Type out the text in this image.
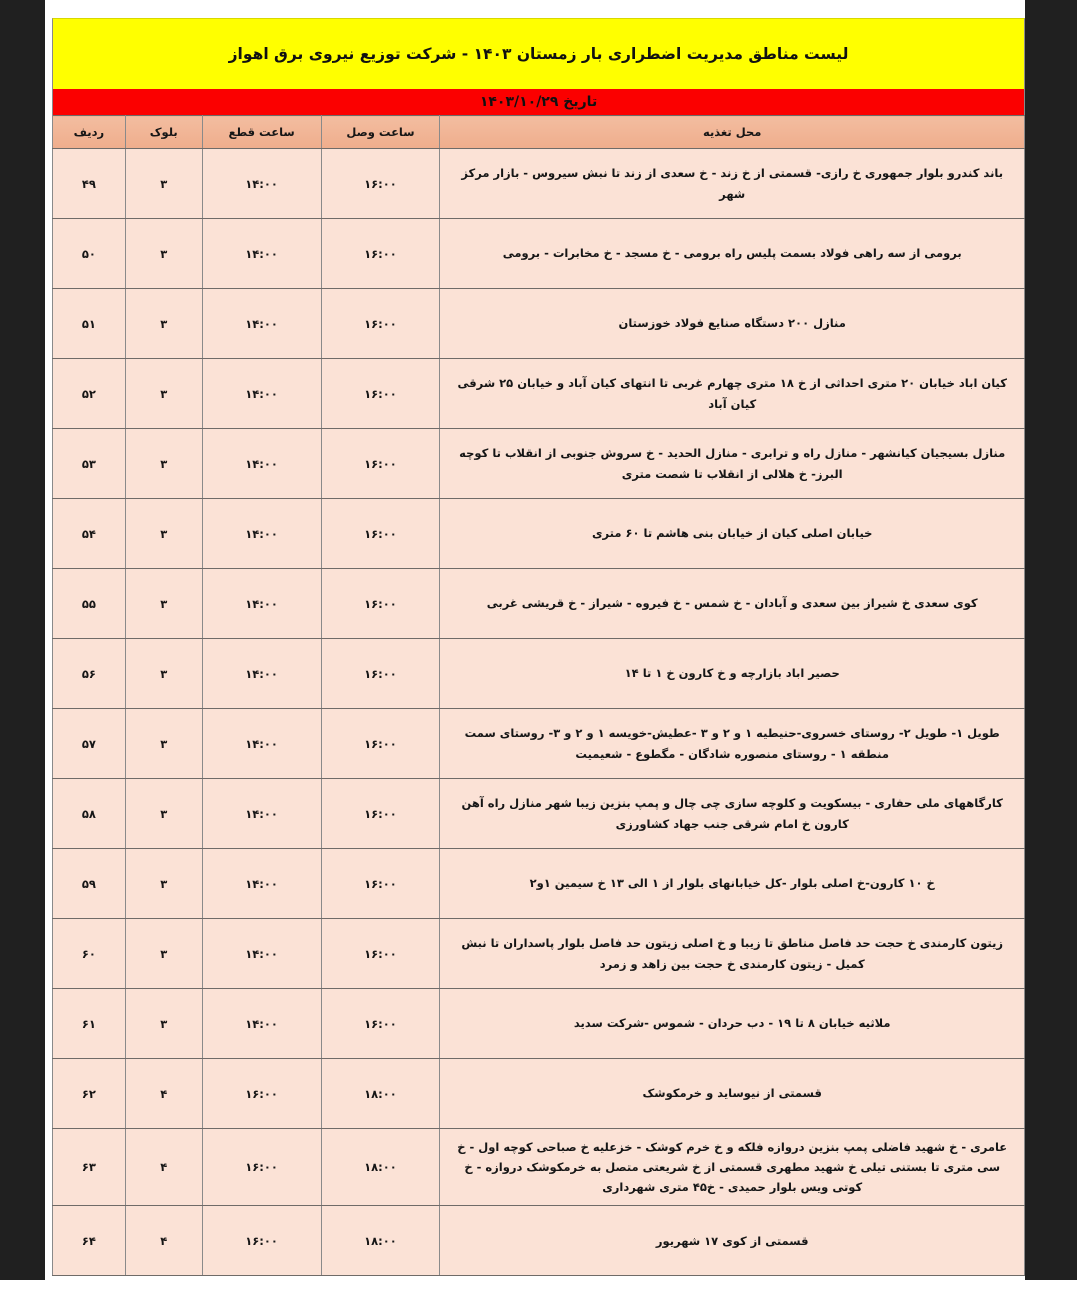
لیست مناطق مدیریت اضطراری بار زمستان ۱۴۰۳ - شرکت توزیع نیروی برق اهواز
تاریخ ۱۴۰۳/۱۰/۲۹
محل تغذیه	ساعت وصل	ساعت قطع	بلوک	ردیف
باند کندرو بلوار جمهوری خ رازی- قسمتی از خ زند - خ سعدی از زند تا نبش سیروس - بازار مرکز شهر	۱۶:۰۰	۱۴:۰۰	۳	۴۹
برومی از سه راهی فولاد بسمت پلیس راه برومی - خ مسجد - خ مخابرات - برومی	۱۶:۰۰	۱۴:۰۰	۳	۵۰
منازل ۲۰۰ دستگاه صنایع فولاد خوزستان	۱۶:۰۰	۱۴:۰۰	۳	۵۱
کیان اباد خیابان ۲۰ متری احداثی از خ ۱۸ متری چهارم غربی تا انتهای کیان آباد و خیابان ۲۵ شرقی کیان آباد	۱۶:۰۰	۱۴:۰۰	۳	۵۲
منازل بسیجیان کیانشهر - منازل راه و ترابری - منازل الحدید - خ سروش جنوبی از انقلاب تا کوچه البرز- خ هلالی از انقلاب تا شصت متری	۱۶:۰۰	۱۴:۰۰	۳	۵۳
خیابان اصلی کیان از خیابان بنی هاشم تا ۶۰ متری	۱۶:۰۰	۱۴:۰۰	۳	۵۴
کوی سعدی خ شیراز بین سعدی و آبادان - خ شمس - خ فیروه - شیراز - خ قریشی غربی	۱۶:۰۰	۱۴:۰۰	۳	۵۵
حصیر اباد بازارچه و خ کارون خ ۱ تا ۱۴	۱۶:۰۰	۱۴:۰۰	۳	۵۶
طویل ۱- طویل ۲- روستای خسروی-حنیطیه ۱ و ۲ و ۳ -عطیش-خویسه ۱ و ۲ و ۳- روستای سمت منطقه ۱ - روستای منصوره شادگان - مگطوع - شعیمیت	۱۶:۰۰	۱۴:۰۰	۳	۵۷
کارگاههای ملی حفاری - بیسکویت و کلوچه سازی چی چال و پمپ بنزین زیبا شهر منازل راه آهن کارون خ امام شرقی جنب جهاد کشاورزی	۱۶:۰۰	۱۴:۰۰	۳	۵۸
خ ۱۰ کارون-خ اصلی بلوار -کل خیابانهای بلوار از ۱ الی ۱۳ خ سیمین ۱و۲	۱۶:۰۰	۱۴:۰۰	۳	۵۹
زیتون کارمندی خ حجت حد فاصل مناطق تا زیبا و خ اصلی زیتون حد فاصل بلوار پاسداران تا نبش کمیل - زیتون کارمندی خ حجت بین زاهد و زمرد	۱۶:۰۰	۱۴:۰۰	۳	۶۰
ملاثیه خیابان ۸ تا ۱۹ - دب حردان - شموس -شرکت سدید	۱۶:۰۰	۱۴:۰۰	۳	۶۱
قسمتی از نیوساید و خرمکوشک	۱۸:۰۰	۱۶:۰۰	۴	۶۲
عامری - خ شهید فاضلی پمپ بنزین دروازه فلکه و خ خرم کوشک - خزعلیه خ صباحی کوچه اول - خ سی متری تا بستنی تیلی خ شهید مطهری قسمتی از خ شریعتی متصل به خرمکوشک دروازه - خ کوتی ویس بلوار حمیدی - خ۴۵ متری شهرداری	۱۸:۰۰	۱۶:۰۰	۴	۶۳
قسمتی از کوی ۱۷ شهریور	۱۸:۰۰	۱۶:۰۰	۴	۶۴
